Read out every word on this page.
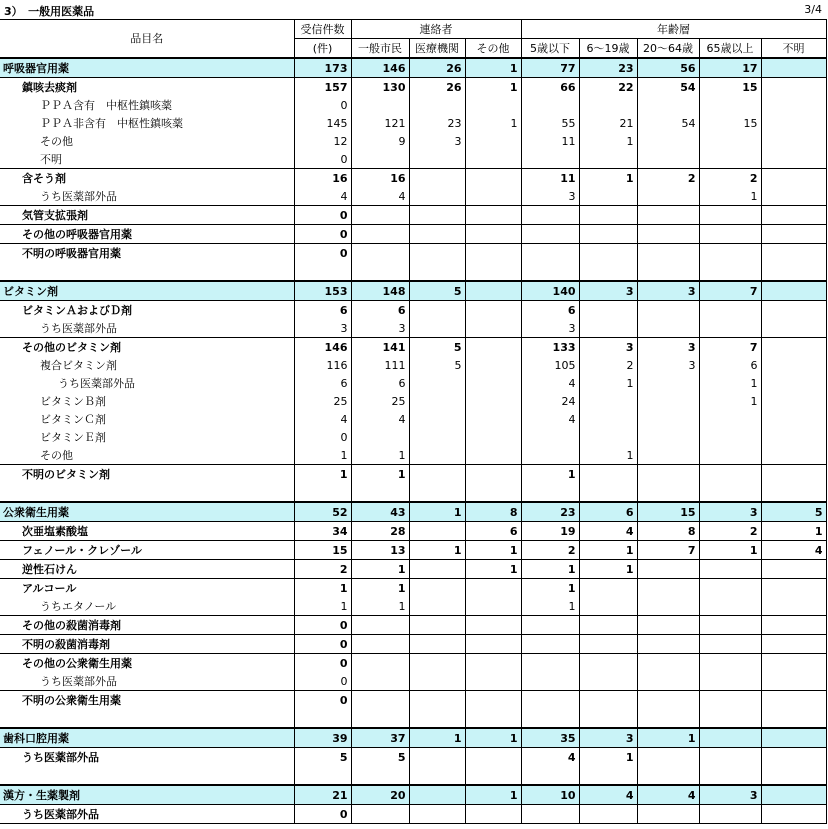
3）　一般用医薬品	3/4
品目名	受信件数	連絡者			年齢層				
	(件)	一般市民	医療機関	その他	5歳以下	6～19歳	20～64歳	65歳以上	不明
呼吸器官用薬	173	146	26	1	77	23	56	17	
鎮咳去痰剤	157	130	26	1	66	22	54	15	
ＰＰＡ含有　中枢性鎮咳薬	0								
ＰＰＡ非含有　中枢性鎮咳薬	145	121	23	1	55	21	54	15	
その他	12	9	3		11	1			
不明	0								
含そう剤	16	16			11	1	2	2	
うち医薬部外品	4	4			3			1	
気管支拡張剤	0								
その他の呼吸器官用薬	0								
不明の呼吸器官用薬	0								

ビタミン剤	153	148	5		140	3	3	7	
ビタミンＡおよびＤ剤	6	6			6				
うち医薬部外品	3	3			3				
その他のビタミン剤	146	141	5		133	3	3	7	
複合ビタミン剤	116	111	5		105	2	3	6	
うち医薬部外品	6	6			4	1		1	
ビタミンＢ剤	25	25			24			1	
ビタミンＣ剤	4	4			4				
ビタミンＥ剤	0								
その他	1	1				1			
不明のビタミン剤	1	1			1				

公衆衛生用薬	52	43	1	8	23	6	15	3	5
次亜塩素酸塩	34	28		6	19	4	8	2	1
フェノール・クレゾール	15	13	1	1	2	1	7	1	4
逆性石けん	2	1		1	1	1			
アルコール	1	1			1				
うちエタノール	1	1			1				
その他の殺菌消毒剤	0								
不明の殺菌消毒剤	0								
その他の公衆衛生用薬	0								
うち医薬部外品	0								
不明の公衆衛生用薬	0								

歯科口腔用薬	39	37	1	1	35	3	1		
うち医薬部外品	5	5			4	1			

漢方・生薬製剤	21	20		1	10	4	4	3	
うち医薬部外品	0								
